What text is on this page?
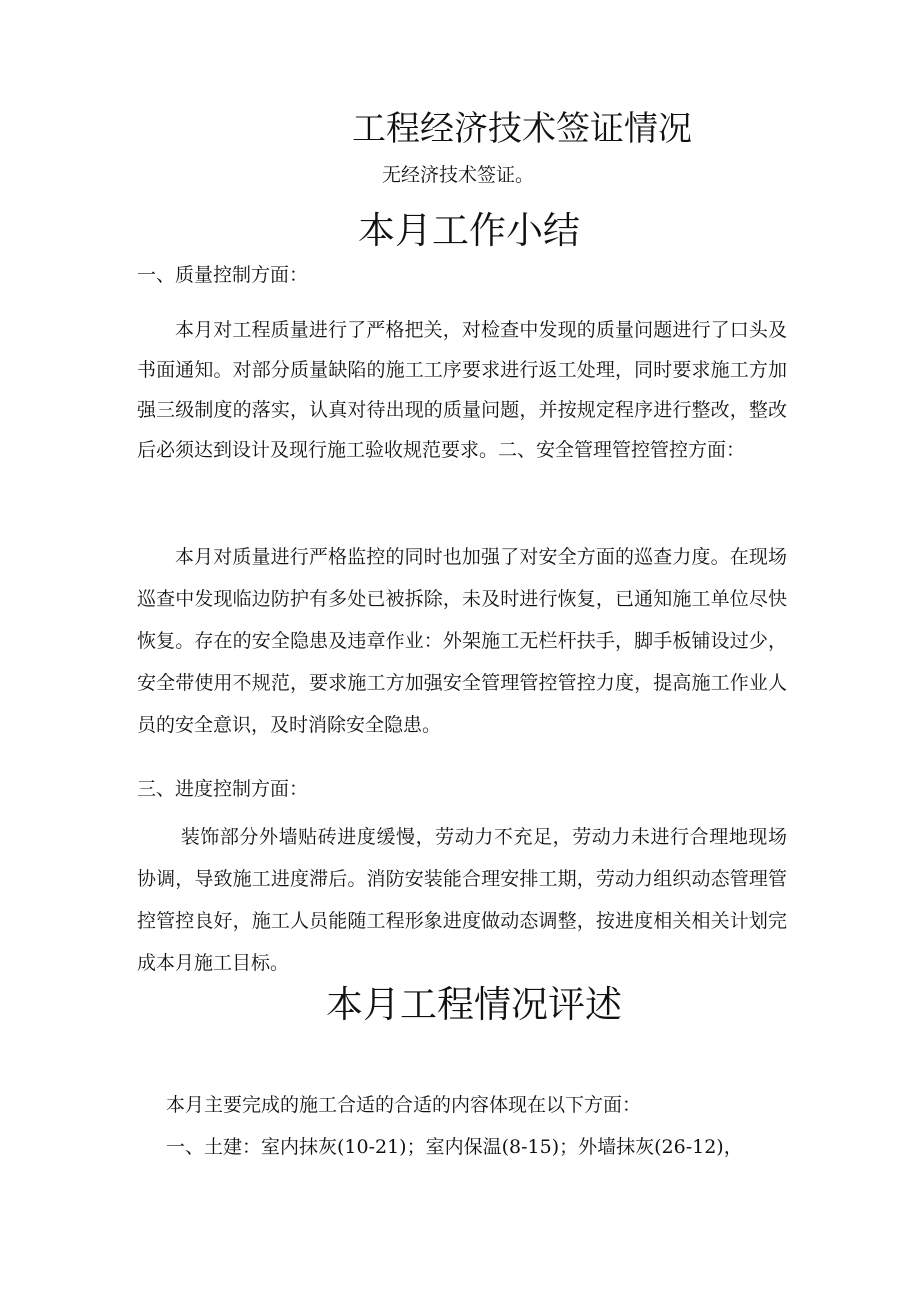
工程经济技术签证情况
无经济技术签证。
本月工作小结
一、质量控制方面：
本月对工程质量进行了严格把关，对检查中发现的质量问题进行了口头及书面通知。对部分质量缺陷的施工工序要求进行返工处理，同时要求施工方加强三级制度的落实，认真对待出现的质量问题，并按规定程序进行整改，整改后必须达到设计及现行施工验收规范要求。二、安全管理管控管控方面：
本月对质量进行严格监控的同时也加强了对安全方面的巡查力度。在现场巡查中发现临边防护有多处已被拆除，未及时进行恢复，已通知施工单位尽快恢复。存在的安全隐患及违章作业：外架施工无栏杆扶手，脚手板铺设过少，安全带使用不规范，要求施工方加强安全管理管控管控力度，提高施工作业人员的安全意识，及时消除安全隐患。
三、进度控制方面：
装饰部分外墙贴砖进度缓慢，劳动力不充足，劳动力未进行合理地现场协调，导致施工进度滞后。消防安装能合理安排工期，劳动力组织动态管理管控管控良好，施工人员能随工程形象进度做动态调整，按进度相关相关计划完成本月施工目标。
本月工程情况评述
本月主要完成的施工合适的合适的内容体现在以下方面：
一、土建：室内抹灰(10-21)；室内保温(8-15)；外墙抹灰(26-12)，
